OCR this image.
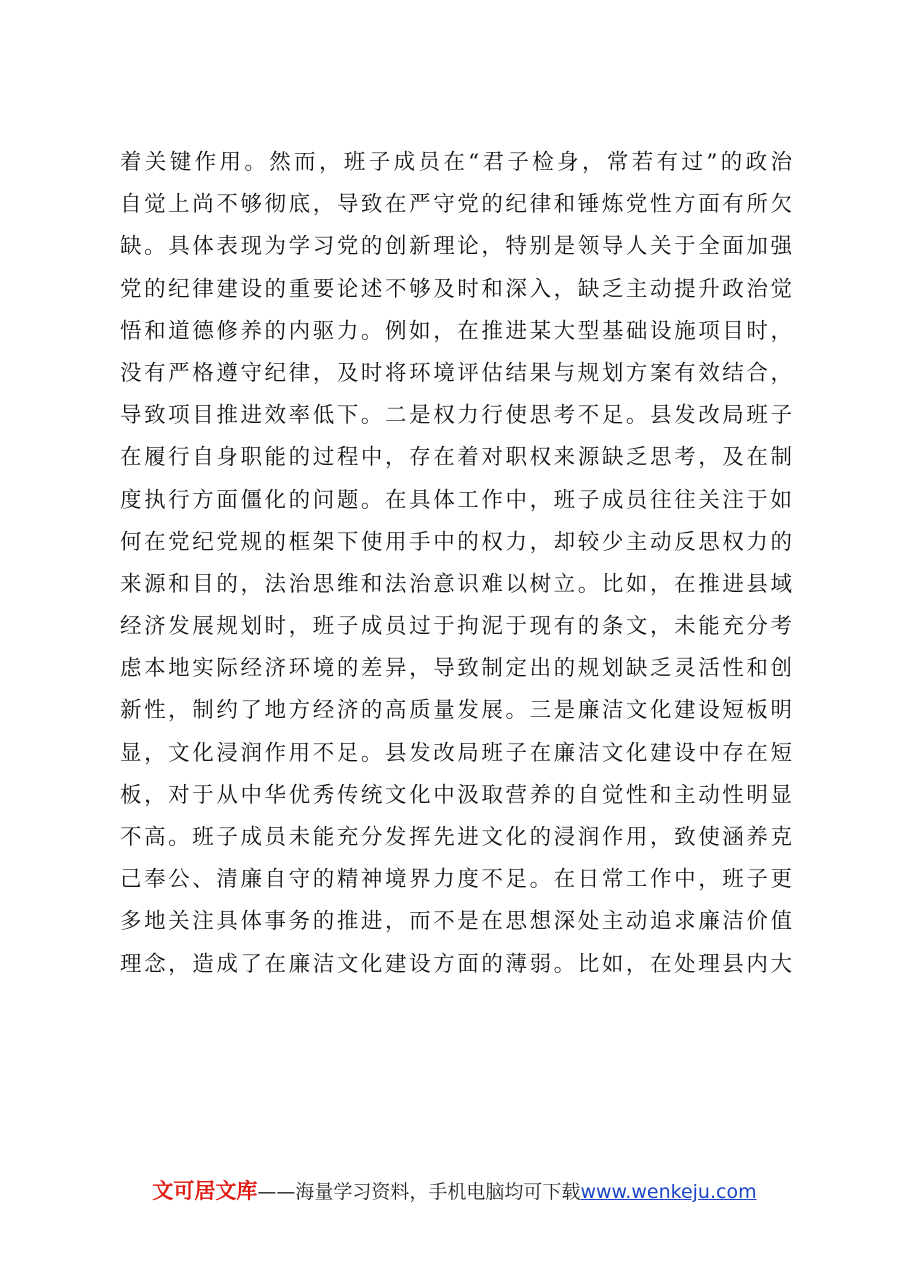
着关键作用。然而，班子成员在“君子检身，常若有过”的政治
自觉上尚不够彻底，导致在严守党的纪律和锤炼党性方面有所欠
缺。具体表现为学习党的创新理论，特别是领导人关于全面加强
党的纪律建设的重要论述不够及时和深入，缺乏主动提升政治觉
悟和道德修养的内驱力。例如，在推进某大型基础设施项目时，
没有严格遵守纪律，及时将环境评估结果与规划方案有效结合，
导致项目推进效率低下。二是权力行使思考不足。县发改局班子
在履行自身职能的过程中，存在着对职权来源缺乏思考，及在制
度执行方面僵化的问题。在具体工作中，班子成员往往关注于如
何在党纪党规的框架下使用手中的权力，却较少主动反思权力的
来源和目的，法治思维和法治意识难以树立。比如，在推进县域
经济发展规划时，班子成员过于拘泥于现有的条文，未能充分考
虑本地实际经济环境的差异，导致制定出的规划缺乏灵活性和创
新性，制约了地方经济的高质量发展。三是廉洁文化建设短板明
显，文化浸润作用不足。县发改局班子在廉洁文化建设中存在短
板，对于从中华优秀传统文化中汲取营养的自觉性和主动性明显
不高。班子成员未能充分发挥先进文化的浸润作用，致使涵养克
己奉公、清廉自守的精神境界力度不足。在日常工作中，班子更
多地关注具体事务的推进，而不是在思想深处主动追求廉洁价值
理念，造成了在廉洁文化建设方面的薄弱。比如，在处理县内大
文可居文库——海量学习资料，手机电脑均可下载www.wenkeju.com
